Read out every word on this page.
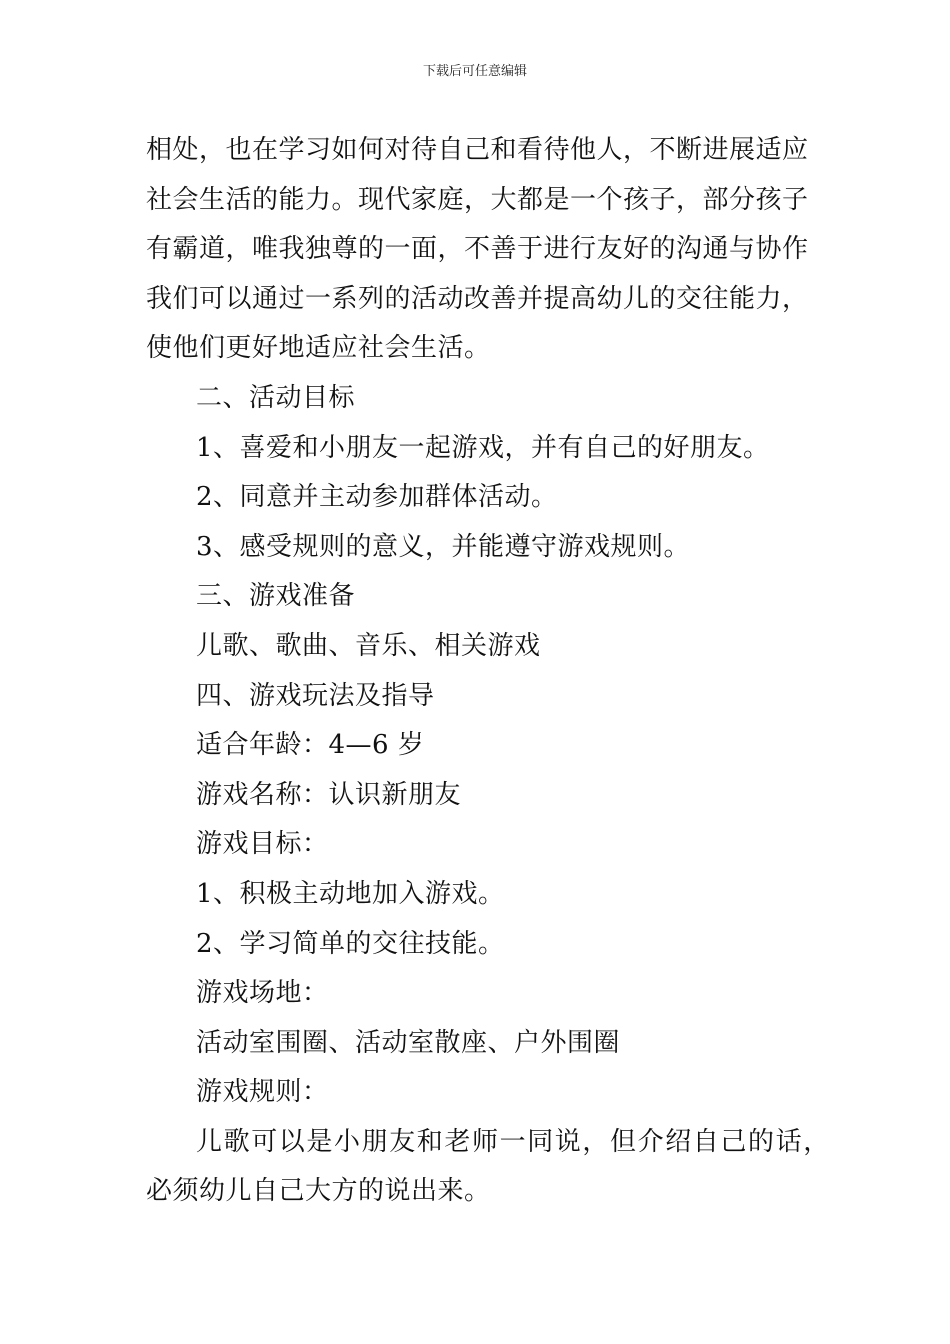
下载后可任意编辑
相处，也在学习如何对待自己和看待他人，不断进展适应
社会生活的能力。现代家庭，大都是一个孩子，部分孩子
有霸道，唯我独尊的一面，不善于进行友好的沟通与协作
我们可以通过一系列的活动改善并提高幼儿的交往能力，
使他们更好地适应社会生活。
二、活动目标
1、喜爱和小朋友一起游戏，并有自己的好朋友。
2、同意并主动参加群体活动。
3、感受规则的意义，并能遵守游戏规则。
三、游戏准备
儿歌、歌曲、音乐、相关游戏
四、游戏玩法及指导
适合年龄：4—6 岁
游戏名称：认识新朋友
游戏目标：
1、积极主动地加入游戏。
2、学习简单的交往技能。
游戏场地：
活动室围圈、活动室散座、户外围圈
游戏规则：
儿歌可以是小朋友和老师一同说，但介绍自己的话，
必须幼儿自己大方的说出来。
